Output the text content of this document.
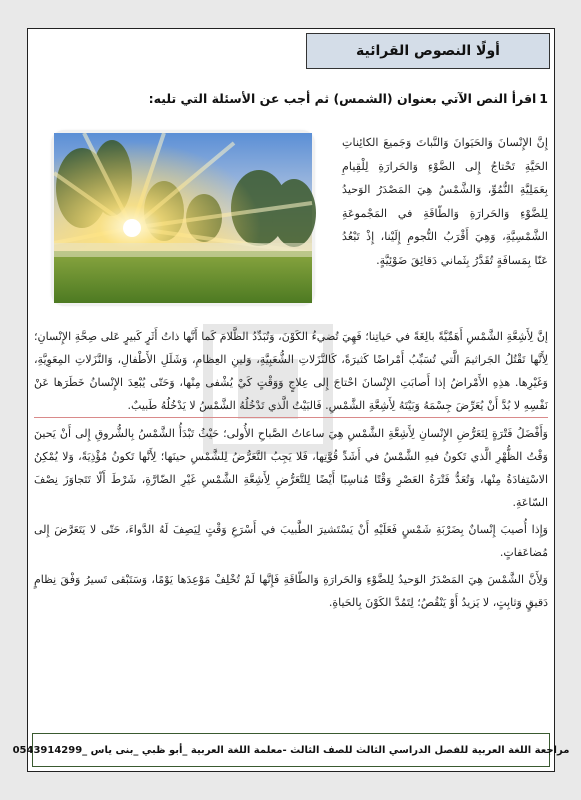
أولًا النصوص القرائية
1اقرأ النص الآتي بعنوان (الشمس) ثم أجب عن الأسئلة التي تليه:
إِنَّ الإِنْسانَ وَالحَيَوانَ وَالنَّباتَ وَجَميعَ الكائِناتِ الحَيَّةِ تَحْتاجُ إِلى الضَّوْءِ وَالحَرارَةِ لِلْقِيامِ بِعَمَلِيَّةِ النُّمُوِّ، وَالشَّمْسُ هِيَ المَصْدَرُ الوَحيدُ لِلضَّوْءِ وَالحَرارَةِ وَالطّاقَةِ في المَجْموعَةِ الشَّمْسِيَّةِ، وَهِيَ أَقْرَبُ النُّجومِ إِلَيْنا، إِذْ تَبْعُدُ عَنّا بِمَسافَةٍ تُقَدَّرُ بِثَماني دَقائِقَ ضَوْئِيَّةٍ.

إنَّ لِأَشِعَّةِ الشَّمْسِ أَهَمِّيَّةً بالِغَةً في حَياتِنا؛ فَهِيَ تُضيءُ الكَوْنَ، وَتُبَدِّدُ الظَّلامَ كَما أَنَّها ذاتُ أَثَرٍ كَبيرٍ عَلى صِحَّةِ الإِنْسانِ؛ لِأَنَّها تَقْتُلُ الجَراثيمَ الَّتي تُسَبِّبُ أَمْراضًا كَثيرَةً، كَالنَّزَلاتِ الشُّعَبِيَّةِ، وَلينِ العِظامِ، وَشَلَلِ الأَطْفالِ، وَالنَّزَلاتِ المِعَوِيَّةِ، وَغَيْرِها. هذِهِ الأَمْراضُ إذا أَصابَتِ الإِنْسانَ احْتاجَ إِلى عِلاجٍ وَوَقْتٍ كَيْ يُشْفى مِنْها، وَحَتّى يُبْعِدَ الإِنْسانُ خَطَرَها عَنْ نَفْسِهِ لا بُدَّ أَنْ يُعَرِّضَ جِسْمَهُ وَبَيْتَهُ لِأَشِعَّةِ الشَّمْسِ. فَالبَيْتُ الَّذي تَدْخُلُهُ الشَّمْسُ لا يَدْخُلُهُ طَبيبٌ.

وَأَفْضَلُ فَتْرَةٍ لِتَعَرُّضِ الإِنْسانِ لِأَشِعَّةِ الشَّمْسِ هِيَ ساعاتُ الصَّباحِ الأُولى؛ حَيْثُ تَبْدَأُ الشَّمْسُ بِالشُّروقِ إِلى أَنْ يَحينَ وَقْتُ الظُّهْرِ الَّذي تَكونُ فيهِ الشَّمْسُ في أَشَدِّ قُوَّتِها، فَلا يَجِبُ التَّعَرُّضُ لِلشَّمْسِ حينَها؛ لِأَنَّها تَكونُ مُؤْذِيَةً، وَلا يُمْكِنُ الاسْتِفادَةُ مِنْها، وَتُعَدُّ فَتْرَةُ العَصْرِ وَقْتًا مُناسِبًا أَيْضًا لِلتَّعَرُّضِ لِأَشِعَّةِ الشَّمْسِ غَيْرِ الضّارَّةِ، شَرْطَ أَلّا تَتَجاوَزَ نِصْفَ السّاعَةِ.

وَإِذا أُصيبَ إِنْسانٌ بِضَرْبَةِ شَمْسٍ فَعَلَيْهِ أَنْ يَسْتَشيرَ الطَّبيبَ في أَسْرَعِ وَقْتٍ لِيَصِفَ لَهُ الدَّواءَ، حَتّى لا يَتَعَرَّضَ إِلى مُضاعَفاتٍ.

وَلِأَنَّ الشَّمْسَ هِيَ المَصْدَرُ الوَحيدُ لِلضَّوْءِ وَالحَرارَةِ وَالطّاقَةِ فَإِنَّها لَمْ تُخْلِفْ مَوْعِدَها يَوْمًا، وَسَتَبْقى تَسيرُ وَفْقَ نِظامٍ دَقيقٍ وَثابِتٍ، لا يَزيدُ أَوْ يَنْقُصُ؛ لِتَمُدَّ الكَوْنَ بِالحَياةِ.

مراجعة اللغة العربية للفصل الدراسي الثالث للصف الثالث -معلمة اللغة العربية _أبو ظبي _بنى ياس _0543914299
